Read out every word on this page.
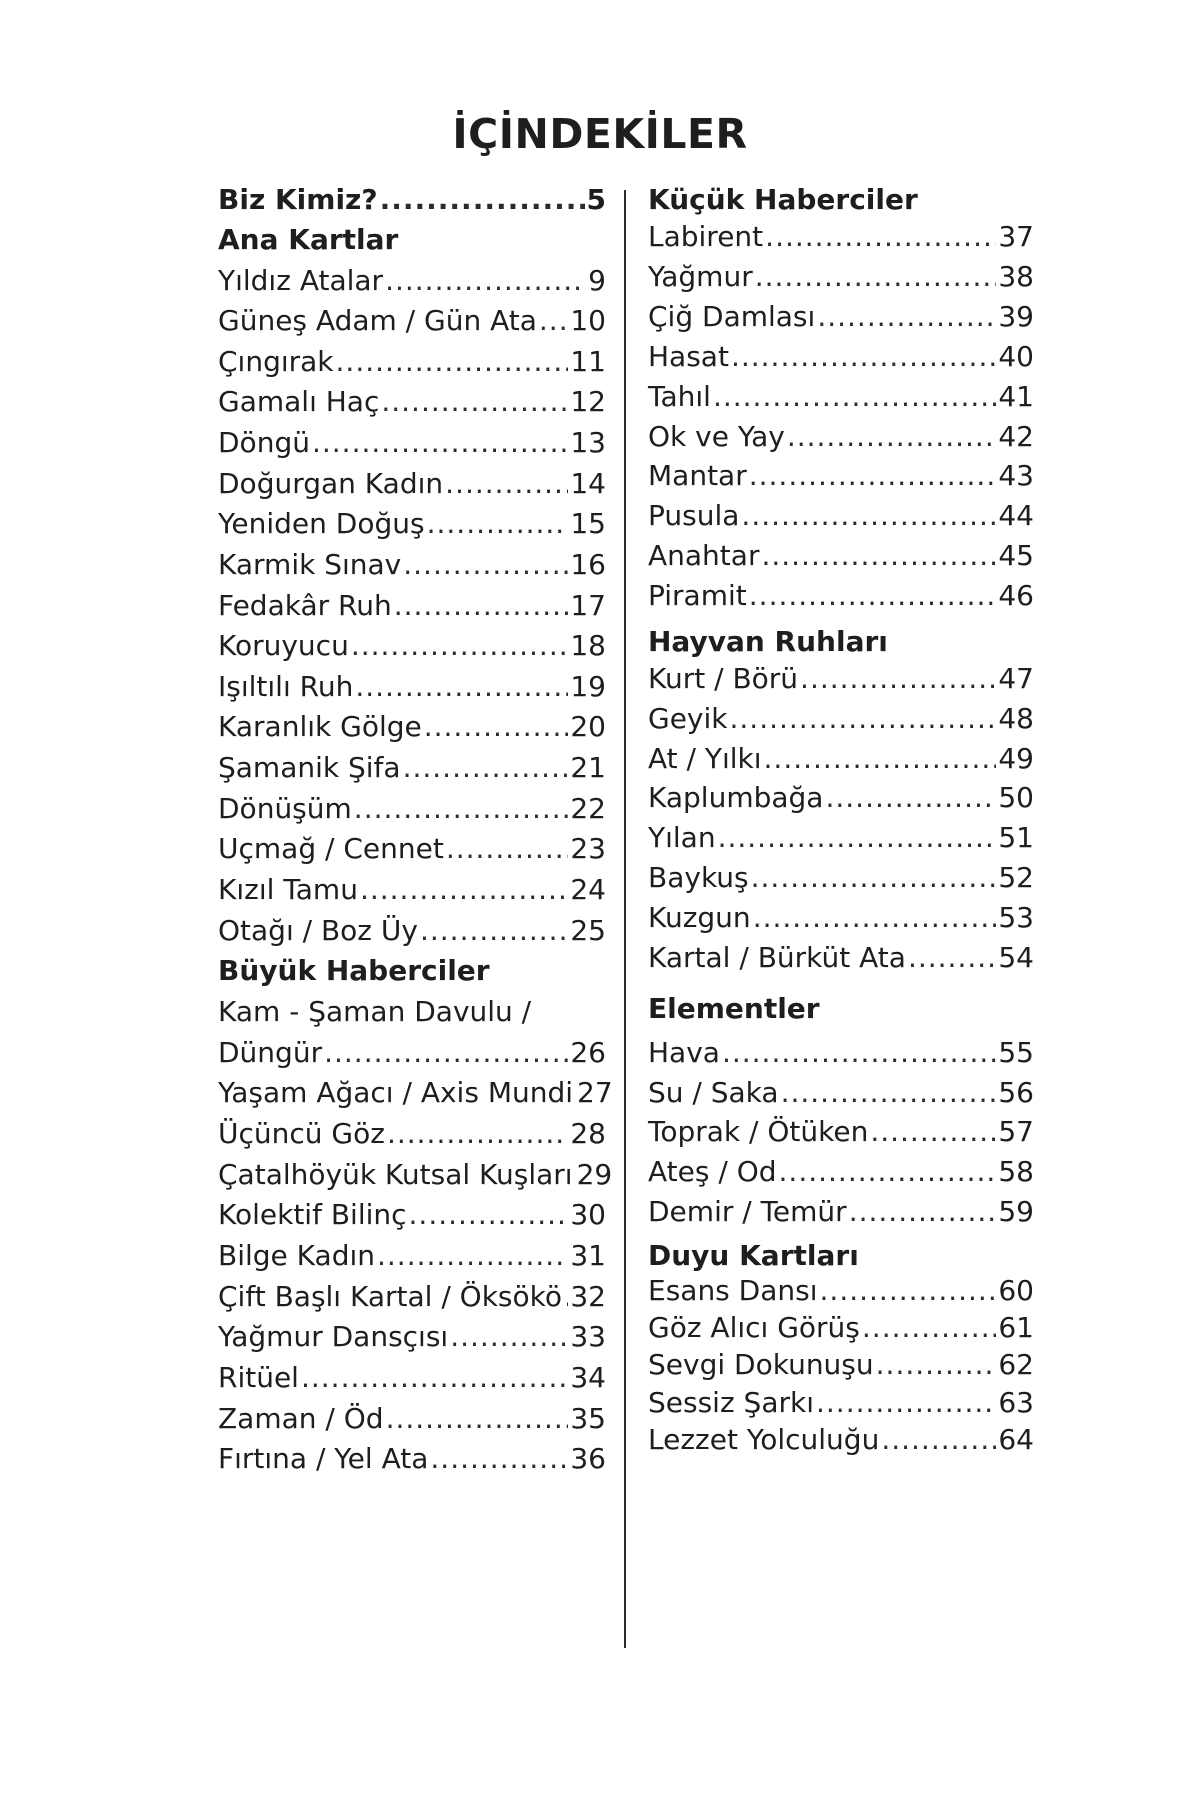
İÇİNDEKİLER
Biz Kimiz? .....	5
Ana Kartlar
Yıldız Atalar .....	9
Güneş Adam / Gün Ata ..... 10
Çıngırak .....	11
Gamalı Haç .....	12
Döngü .....	13
Doğurgan Kadın .....	14
Yeniden Doğuş .....	15
Karmik Sınav .....	16
Fedakâr Ruh .....	17
Koruyucu .....	18
Işıltılı Ruh .....	19
Karanlık Gölge .....	20
Şamanik Şifa .....	21
Dönüşüm .....	22
Uçmağ / Cennet .....	23
Kızıl Tamu .....	24
Otağı / Boz Üy .....	25
Büyük Haberciler
Kam - Şaman Davulu /
Düngür .....	26
Yaşam Ağacı / Axis Mundi 27
Üçüncü Göz .....	28
Çatalhöyük Kutsal Kuşları 29
Kolektif Bilinç .....	30
Bilge Kadın .....	31
Çift Başlı Kartal / Öksökö ..... 32
Yağmur Dansçısı .....	33
Ritüel .....	34
Zaman / Öd .....	35
Fırtına / Yel Ata .....	36
Küçük Haberciler
Labirent .....	37
Yağmur .....	38
Çiğ Damlası .....	39
Hasat .....	40
Tahıl .....	41
Ok ve Yay .....	42
Mantar .....	43
Pusula .....	44
Anahtar .....	45
Piramit .....	46
Hayvan Ruhları
Kurt / Börü .....	47
Geyik .....	48
At / Yılkı .....	49
Kaplumbağa .....	50
Yılan .....	51
Baykuş .....	52
Kuzgun .....	53
Kartal / Bürküt Ata .....	54
Elementler
Hava .....	55
Su / Saka .....	56
Toprak / Ötüken .....	57
Ateş / Od .....	58
Demir / Temür .....	59
Duyu Kartları
Esans Dansı .....	60
Göz Alıcı Görüş .....	61
Sevgi Dokunuşu .....	62
Sessiz Şarkı .....	63
Lezzet Yolculuğu .....	64
